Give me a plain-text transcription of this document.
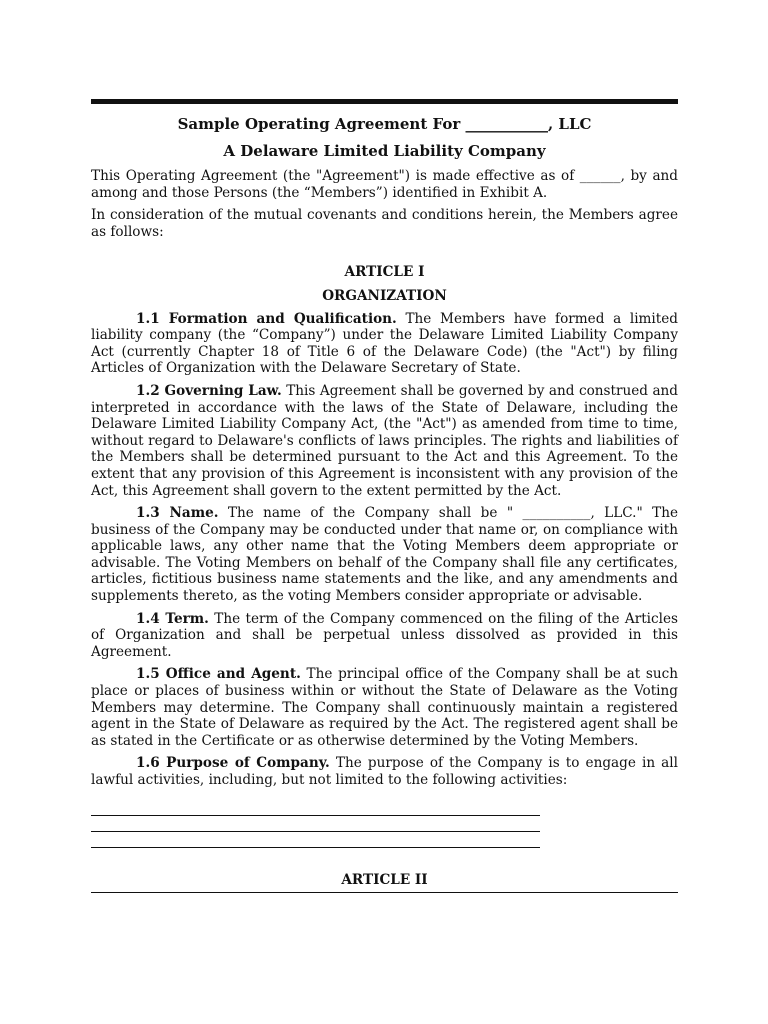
Sample Operating Agreement For ___________, LLC
A Delaware Limited Liability Company

This Operating Agreement (the "Agreement") is made effective as of ______, by and among and those Persons (the “Members”) identified in Exhibit A.

In consideration of the mutual covenants and conditions herein, the Members agree as follows:

ARTICLE I
ORGANIZATION

1.1 Formation and Qualification. The Members have formed a limited liability company (the “Company”) under the Delaware Limited Liability Company Act (currently Chapter 18 of Title 6 of the Delaware Code) (the "Act") by filing Articles of Organization with the Delaware Secretary of State.

1.2 Governing Law. This Agreement shall be governed by and construed and interpreted in accordance with the laws of the State of Delaware, including the Delaware Limited Liability Company Act, (the "Act") as amended from time to time, without regard to Delaware's conflicts of laws principles. The rights and liabilities of the Members shall be determined pursuant to the Act and this Agreement. To the extent that any provision of this Agreement is inconsistent with any provision of the Act, this Agreement shall govern to the extent permitted by the Act.

1.3 Name. The name of the Company shall be " __________, LLC." The business of the Company may be conducted under that name or, on compliance with applicable laws, any other name that the Voting Members deem appropriate or advisable. The Voting Members on behalf of the Company shall file any certificates, articles, fictitious business name statements and the like, and any amendments and supplements thereto, as the voting Members consider appropriate or advisable.

1.4 Term. The term of the Company commenced on the filing of the Articles of Organization and shall be perpetual unless dissolved as provided in this Agreement.

1.5 Office and Agent. The principal office of the Company shall be at such place or places of business within or without the State of Delaware as the Voting Members may determine. The Company shall continuously maintain a registered agent in the State of Delaware as required by the Act. The registered agent shall be as stated in the Certificate or as otherwise determined by the Voting Members.

1.6 Purpose of Company. The purpose of the Company is to engage in all lawful activities, including, but not limited to the following activities:

ARTICLE II
